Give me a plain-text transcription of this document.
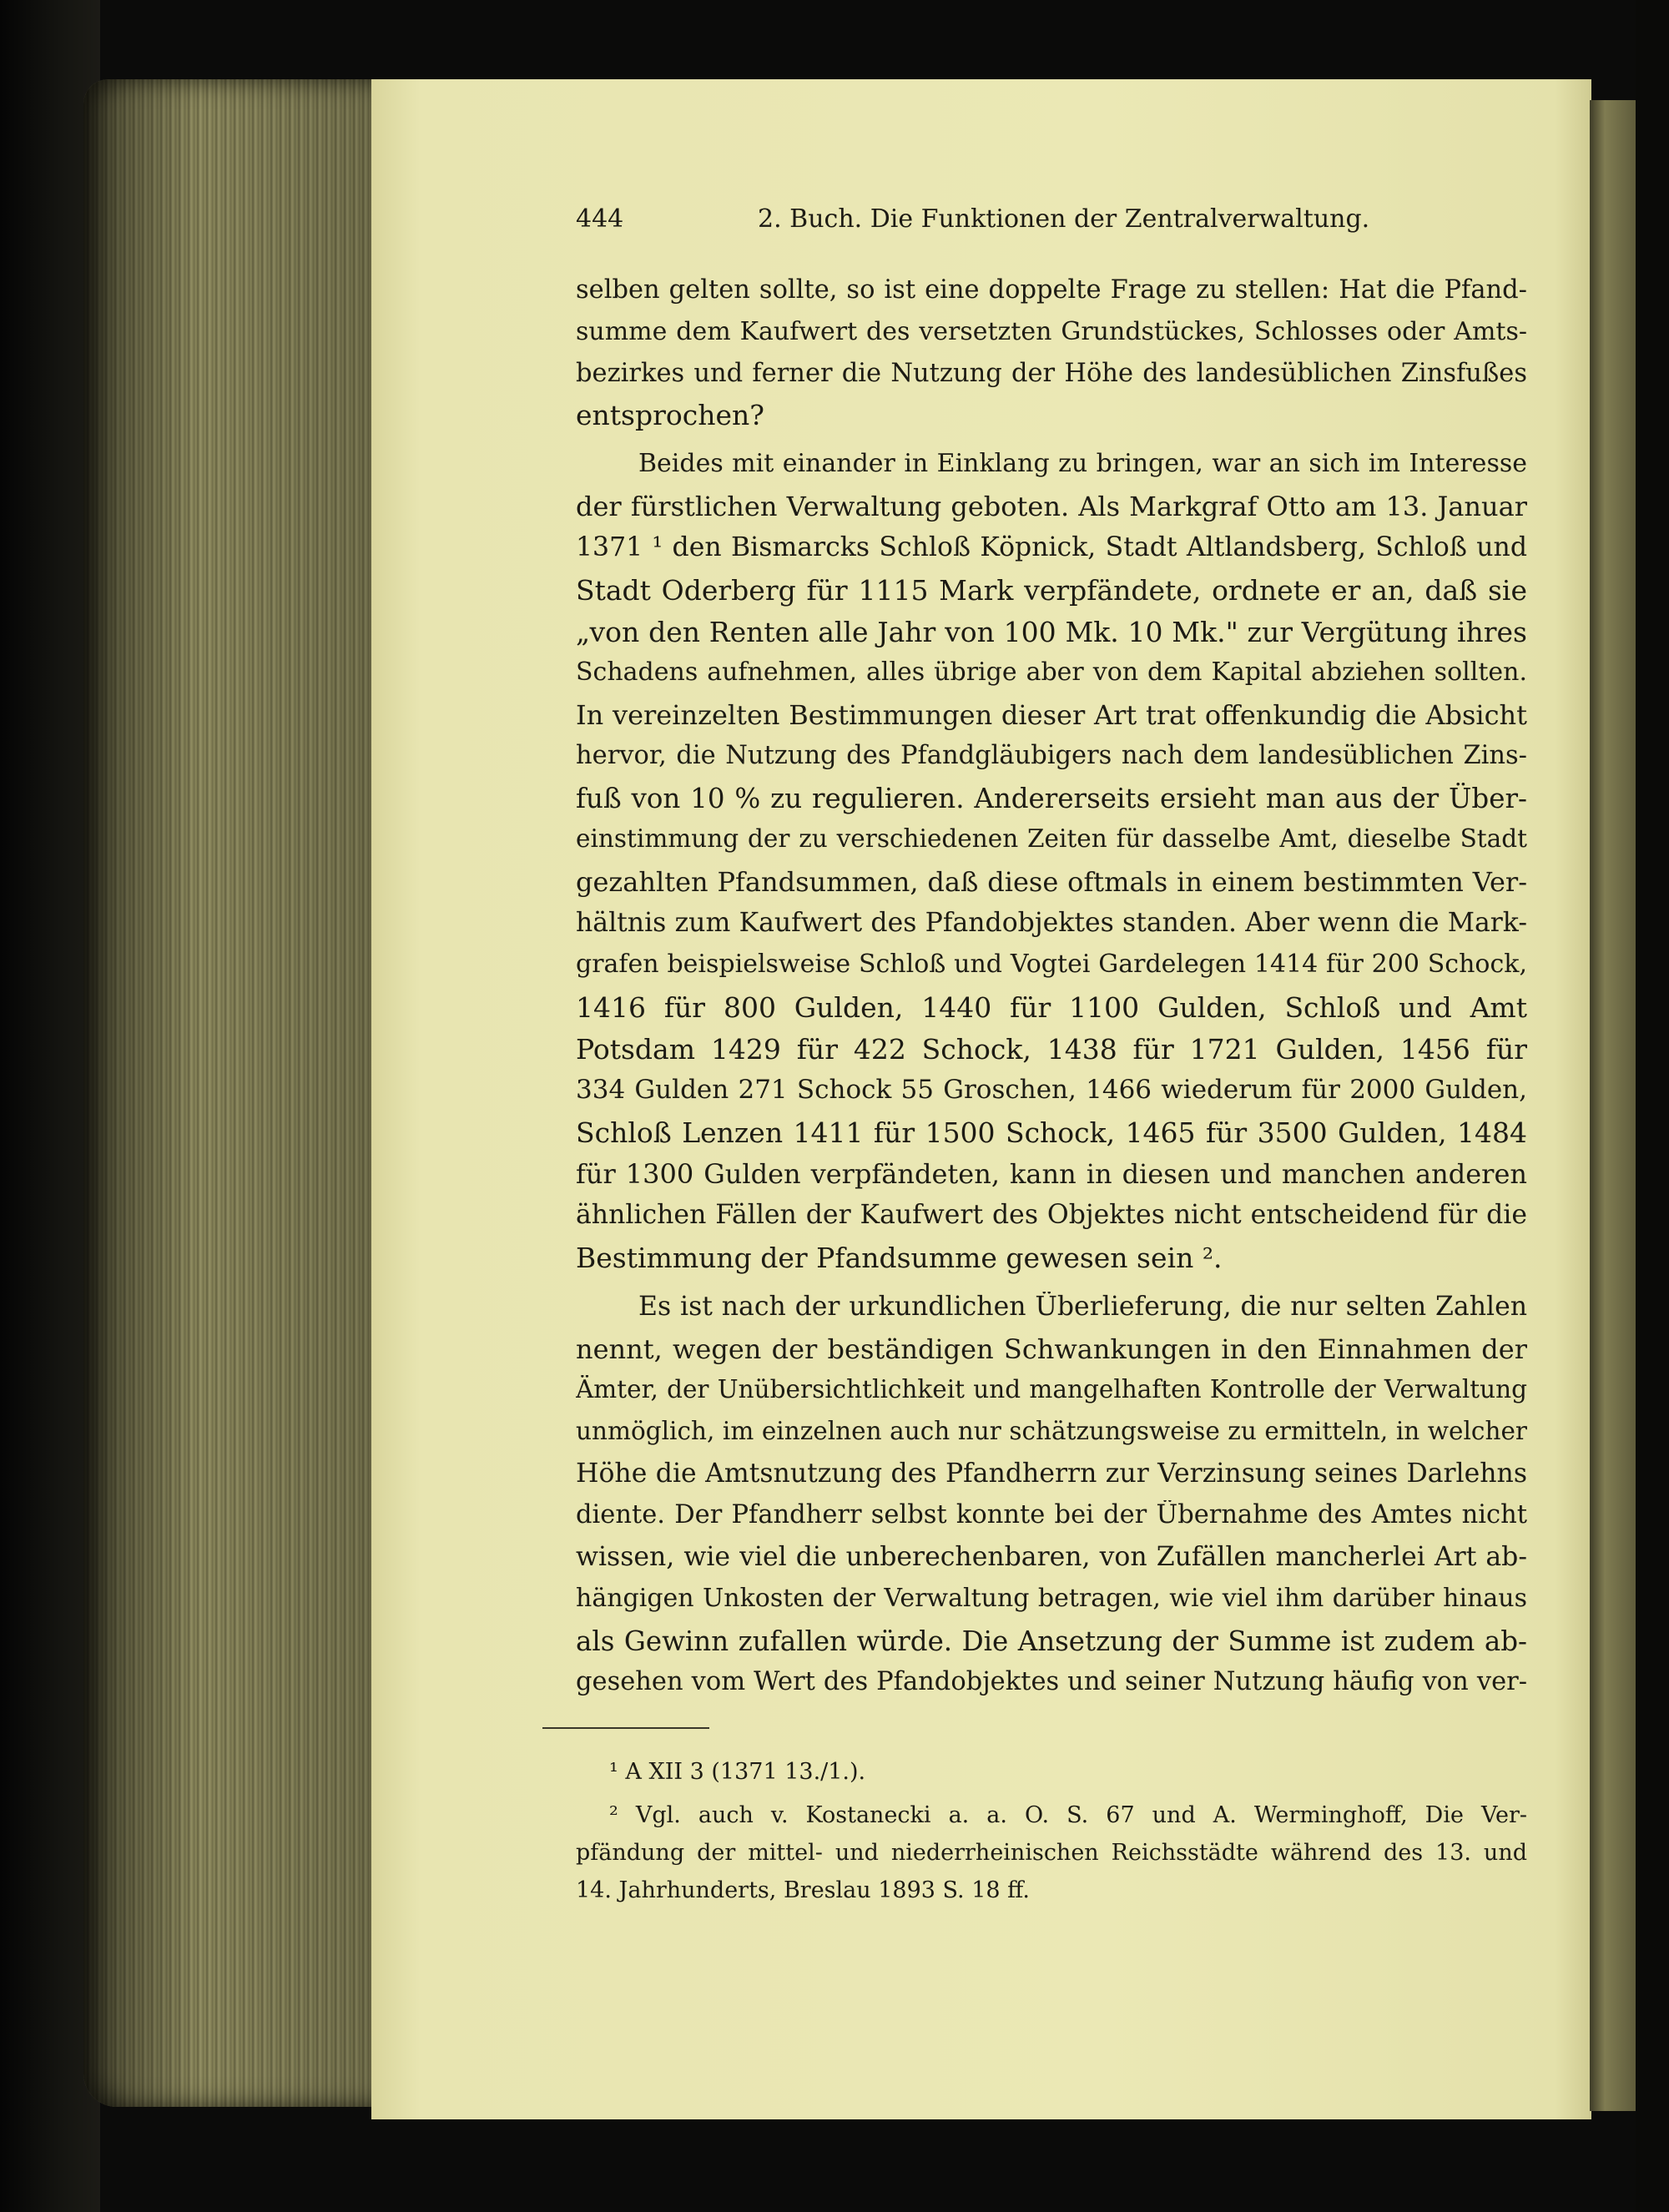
444	2. Buch. Die Funktionen der Zentralverwaltung.
selben gelten sollte, so ist eine doppelte Frage zu stellen: Hat die Pfand-
summe dem Kaufwert des versetzten Grundstückes, Schlosses oder Amts-
bezirkes und ferner die Nutzung der Höhe des landesüblichen Zinsfußes
entsprochen?
Beides mit einander in Einklang zu bringen, war an sich im Interesse
der fürstlichen Verwaltung geboten. Als Markgraf Otto am 13. Januar
1371 ¹ den Bismarcks Schloß Köpnick, Stadt Altlandsberg, Schloß und
Stadt Oderberg für 1115 Mark verpfändete, ordnete er an, daß sie
„von den Renten alle Jahr von 100 Mk. 10 Mk." zur Vergütung ihres
Schadens aufnehmen, alles übrige aber von dem Kapital abziehen sollten.
In vereinzelten Bestimmungen dieser Art trat offenkundig die Absicht
hervor, die Nutzung des Pfandgläubigers nach dem landesüblichen Zins-
fuß von 10 % zu regulieren. Andererseits ersieht man aus der Über-
einstimmung der zu verschiedenen Zeiten für dasselbe Amt, dieselbe Stadt
gezahlten Pfandsummen, daß diese oftmals in einem bestimmten Ver-
hältnis zum Kaufwert des Pfandobjektes standen. Aber wenn die Mark-
grafen beispielsweise Schloß und Vogtei Gardelegen 1414 für 200 Schock,
1416 für 800 Gulden, 1440 für 1100 Gulden, Schloß und Amt
Potsdam 1429 für 422 Schock, 1438 für 1721 Gulden, 1456 für
334 Gulden 271 Schock 55 Groschen, 1466 wiederum für 2000 Gulden,
Schloß Lenzen 1411 für 1500 Schock, 1465 für 3500 Gulden, 1484
für 1300 Gulden verpfändeten, kann in diesen und manchen anderen
ähnlichen Fällen der Kaufwert des Objektes nicht entscheidend für die
Bestimmung der Pfandsumme gewesen sein ².
Es ist nach der urkundlichen Überlieferung, die nur selten Zahlen
nennt, wegen der beständigen Schwankungen in den Einnahmen der
Ämter, der Unübersichtlichkeit und mangelhaften Kontrolle der Verwaltung
unmöglich, im einzelnen auch nur schätzungsweise zu ermitteln, in welcher
Höhe die Amtsnutzung des Pfandherrn zur Verzinsung seines Darlehns
diente. Der Pfandherr selbst konnte bei der Übernahme des Amtes nicht
wissen, wie viel die unberechenbaren, von Zufällen mancherlei Art ab-
hängigen Unkosten der Verwaltung betragen, wie viel ihm darüber hinaus
als Gewinn zufallen würde. Die Ansetzung der Summe ist zudem ab-
gesehen vom Wert des Pfandobjektes und seiner Nutzung häufig von ver-
¹ A XII 3 (1371 13./1.).
² Vgl. auch v. Kostanecki a. a. O. S. 67 und A. Werminghoff, Die Ver-
pfändung der mittel- und niederrheinischen Reichsstädte während des 13. und
14. Jahrhunderts, Breslau 1893 S. 18 ff.
